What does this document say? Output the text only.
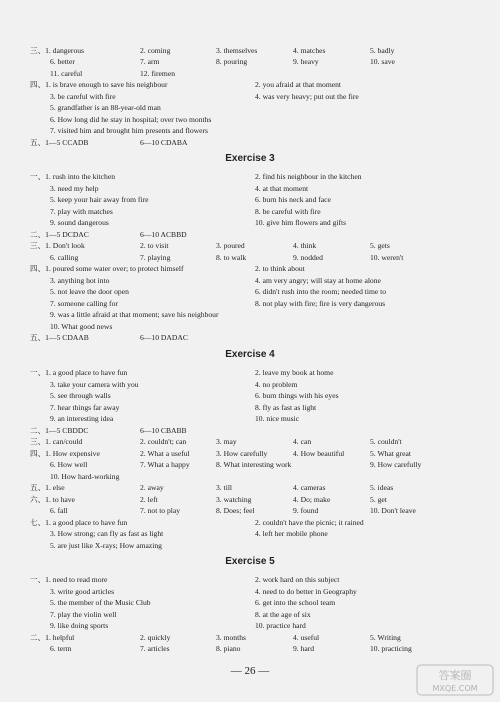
Exercise 3
Exercise 4
Exercise 5
三、1. dangerous	2. coming	3. themselves	4. matches	5. badly
6. better	7. arm	8. pouring	9. heavy	10. save
11. careful	12. firemen
四、1. is brave enough to save his neighbour	2. you afraid at that moment
3. be careful with fire	4. was very heavy; put out the fire
5. grandfather is an 88-year-old man
6. How long did he stay in hospital; over two months
7. visited him and brought him presents and flowers
五、1—5 CCADB	6—10 CDABA
一、1. rush into the kitchen	2. find his neighbour in the kitchen
3. need my help	4. at that moment
5. keep your hair away from fire	6. burn his neck and face
7. play with matches	8. be careful with fire
9. sound dangerous	10. give him flowers and gifts
二、1—5 DCDAC	6—10 ACBBD
三、1. Don't look	2. to visit	3. poured	4. think	5. gets
6. calling	7. playing	8. to walk	9. nodded	10. weren't
四、1. poured some water over; to protect himself	2. to think about
3. anything hot into	4. am very angry; will stay at home alone
5. not leave the door open	6. didn't rush into the room; needed time to
7. someone calling for	8. not play with fire; fire is very dangerous
9. was a little afraid at that moment; save his neighbour
10. What good news
五、1—5 CDAAB	6—10 DADAC
一、1. a good place to have fun	2. leave my book at home
3. take your camera with you	4. no problem
5. see through walls	6. burn things with his eyes
7. hear things far away	8. fly as fast as light
9. an interesting idea	10. nice music
二、1—5 CBDDC	6—10 CBABB
三、1. can/could	2. couldn't; can	3. may	4. can	5. couldn't
四、1. How expensive	2. What a useful	3. How carefully	4. How beautiful	5. What great
6. How well	7. What a happy	8. What interesting work	9. How carefully
10. How hard-working
五、1. else	2. away	3. till	4. cameras	5. ideas
六、1. to have	2. left	3. watching	4. Do; make	5. get
6. fall	7. not to play	8. Does; feel	9. found	10. Don't leave
七、1. a good place to have fun	2. couldn't have the picnic; it rained
3. How strong; can fly as fast as light	4. left her mobile phone
5. are just like X-rays; How amazing
一、1. need to read more	2. work hard on this subject
3. write good articles	4. need to do better in Geography
5. the member of the Music Club	6. get into the school team
7. play the violin well	8. at the age of six
9. like doing sports	10. practice hard
二、1. helpful	2. quickly	3. months	4. useful	5. Writing
6. term	7. articles	8. piano	9. hard	10. practicing
— 26 —	答案圈
MXQE.COM
